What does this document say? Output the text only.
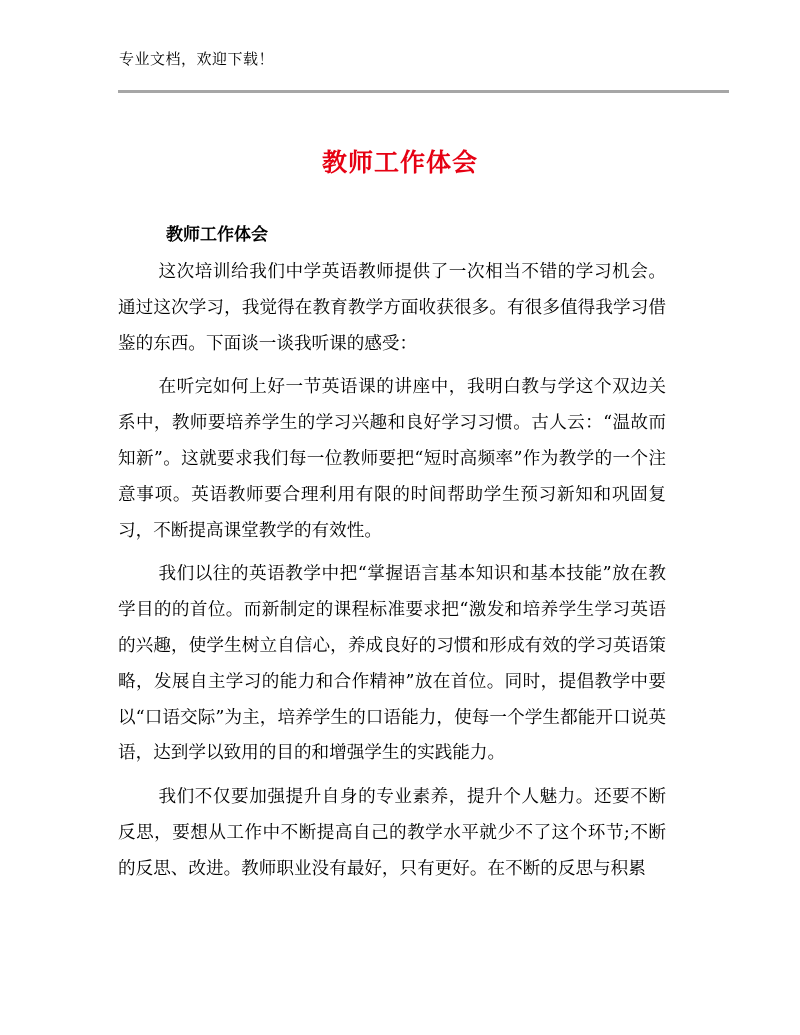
专业文档，欢迎下载！
教师工作体会
教师工作体会

这次培训给我们中学英语教师提供了一次相当不错的学习机会。通过这次学习，我觉得在教育教学方面收获很多。有很多值得我学习借鉴的东西。下面谈一谈我听课的感受：

在听完如何上好一节英语课的讲座中，我明白教与学这个双边关系中，教师要培养学生的学习兴趣和良好学习习惯。古人云：“温故而知新”。这就要求我们每一位教师要把“短时高频率”作为教学的一个注意事项。英语教师要合理利用有限的时间帮助学生预习新知和巩固复习，不断提高课堂教学的有效性。

我们以往的英语教学中把“掌握语言基本知识和基本技能”放在教学目的的首位。而新制定的课程标准要求把“激发和培养学生学习英语的兴趣，使学生树立自信心，养成良好的习惯和形成有效的学习英语策略，发展自主学习的能力和合作精神”放在首位。同时，提倡教学中要以“口语交际”为主，培养学生的口语能力，使每一个学生都能开口说英语，达到学以致用的目的和增强学生的实践能力。

我们不仅要加强提升自身的专业素养，提升个人魅力。还要不断反思，要想从工作中不断提高自己的教学水平就少不了这个环节;不断的反思、改进。教师职业没有最好，只有更好。在不断的反思与积累
